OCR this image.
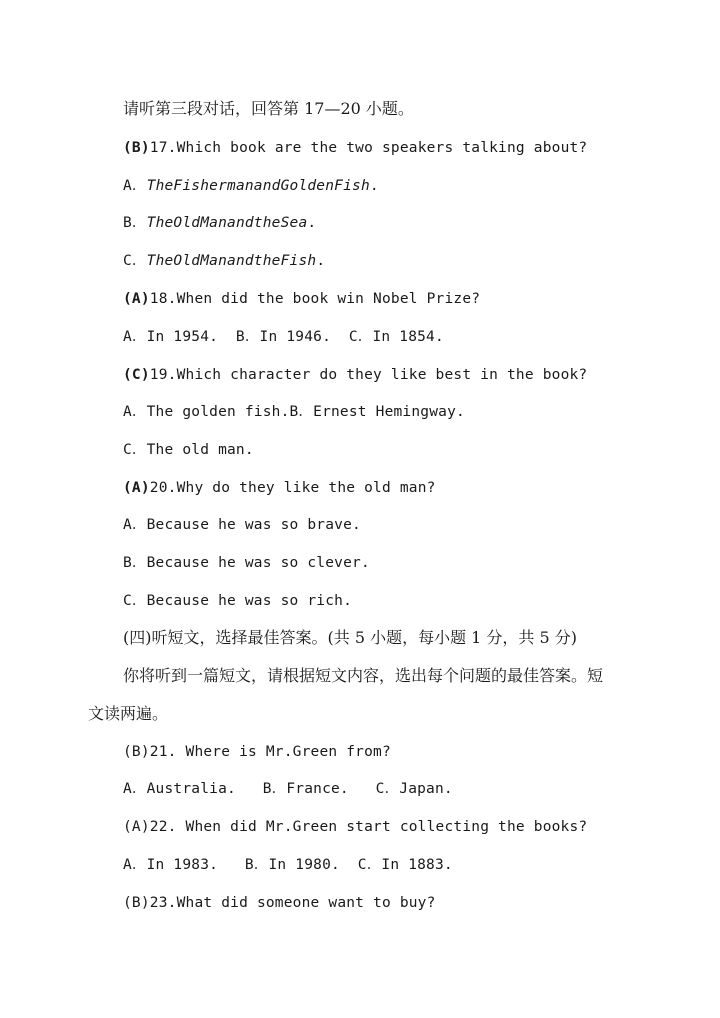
请听第三段对话，回答第 17—20 小题。
(B)17.Which book are the two speakers talking about?
A．TheFishermanandGoldenFish.
B．TheOldManandtheSea.
C．TheOldManandtheFish.
(A)18.When did the book win Nobel Prize?
A．In 1954.  B．In 1946.  C．In 1854.
(C)19.Which character do they like best in the book?
A．The golden fish.B．Ernest Hemingway.
C．The old man.
(A)20.Why do they like the old man?
A．Because he was so brave.
B．Because he was so clever.
C．Because he was so rich.
(四)听短文，选择最佳答案。(共 5 小题，每小题 1 分，共 5 分)
你将听到一篇短文，请根据短文内容，选出每个问题的最佳答案。短
文读两遍。
(B)21. Where is Mr.Green from?
A．Australia.   B．France.   C．Japan.
(A)22. When did Mr.Green start collecting the books?
A．In 1983.   B．In 1980.  C．In 1883.
(B)23.What did someone want to buy?
